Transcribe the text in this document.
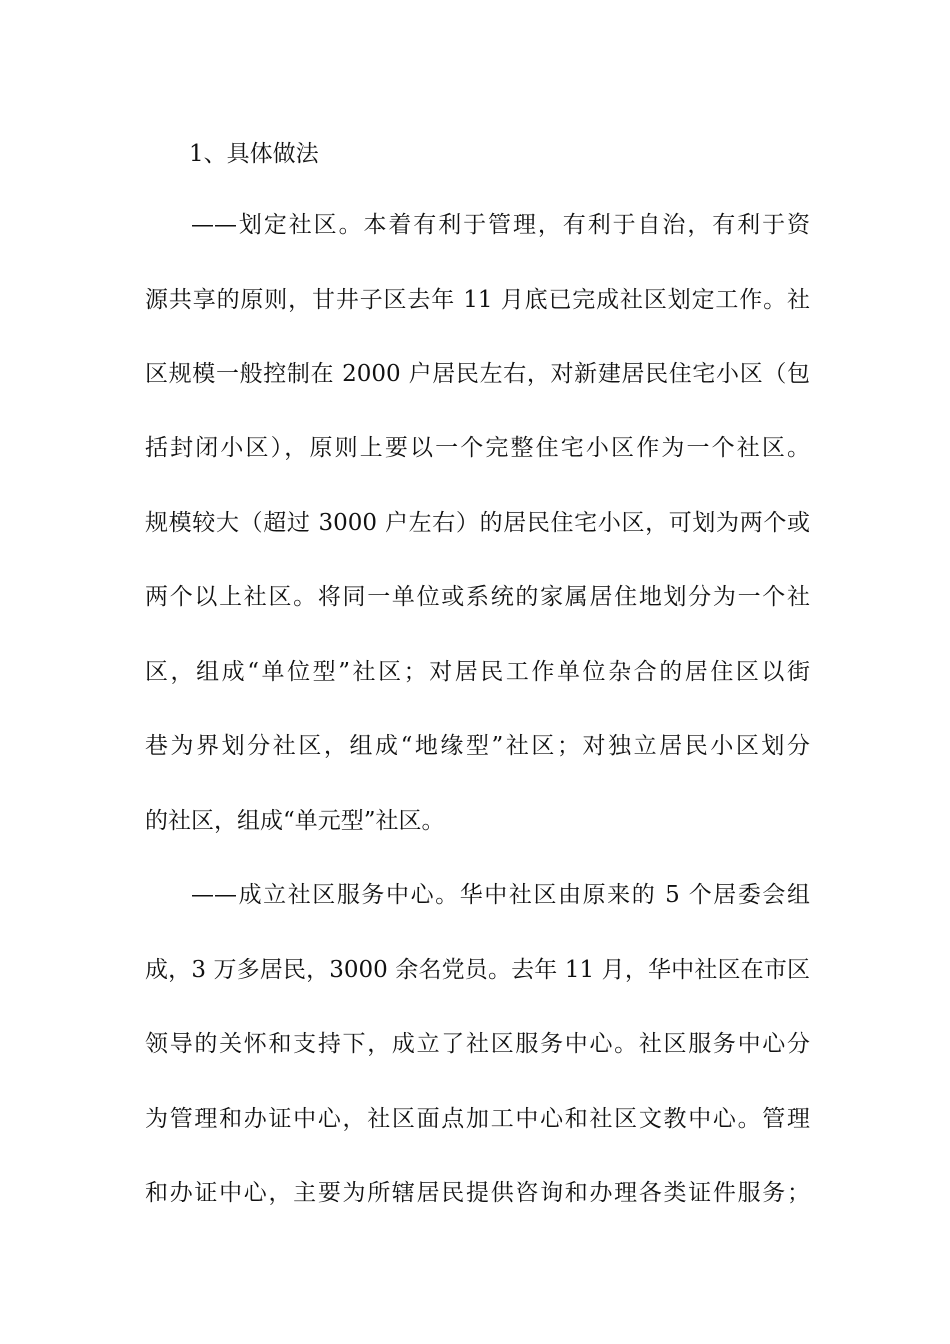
1、具体做法
——划定社区。本着有利于管理，有利于自治，有利于资
源共享的原则，甘井子区去年 11 月底已完成社区划定工作。社
区规模一般控制在 2000 户居民左右，对新建居民住宅小区（包
括封闭小区），原则上要以一个完整住宅小区作为一个社区。
规模较大（超过 3000 户左右）的居民住宅小区，可划为两个或
两个以上社区。将同一单位或系统的家属居住地划分为一个社
区，组成“单位型”社区；对居民工作单位杂合的居住区以街
巷为界划分社区，组成“地缘型”社区；对独立居民小区划分
的社区，组成“单元型”社区。
——成立社区服务中心。华中社区由原来的 5 个居委会组
成，3 万多居民，3000 余名党员。去年 11 月，华中社区在市区
领导的关怀和支持下，成立了社区服务中心。社区服务中心分
为管理和办证中心，社区面点加工中心和社区文教中心。管理
和办证中心，主要为所辖居民提供咨询和办理各类证件服务；
